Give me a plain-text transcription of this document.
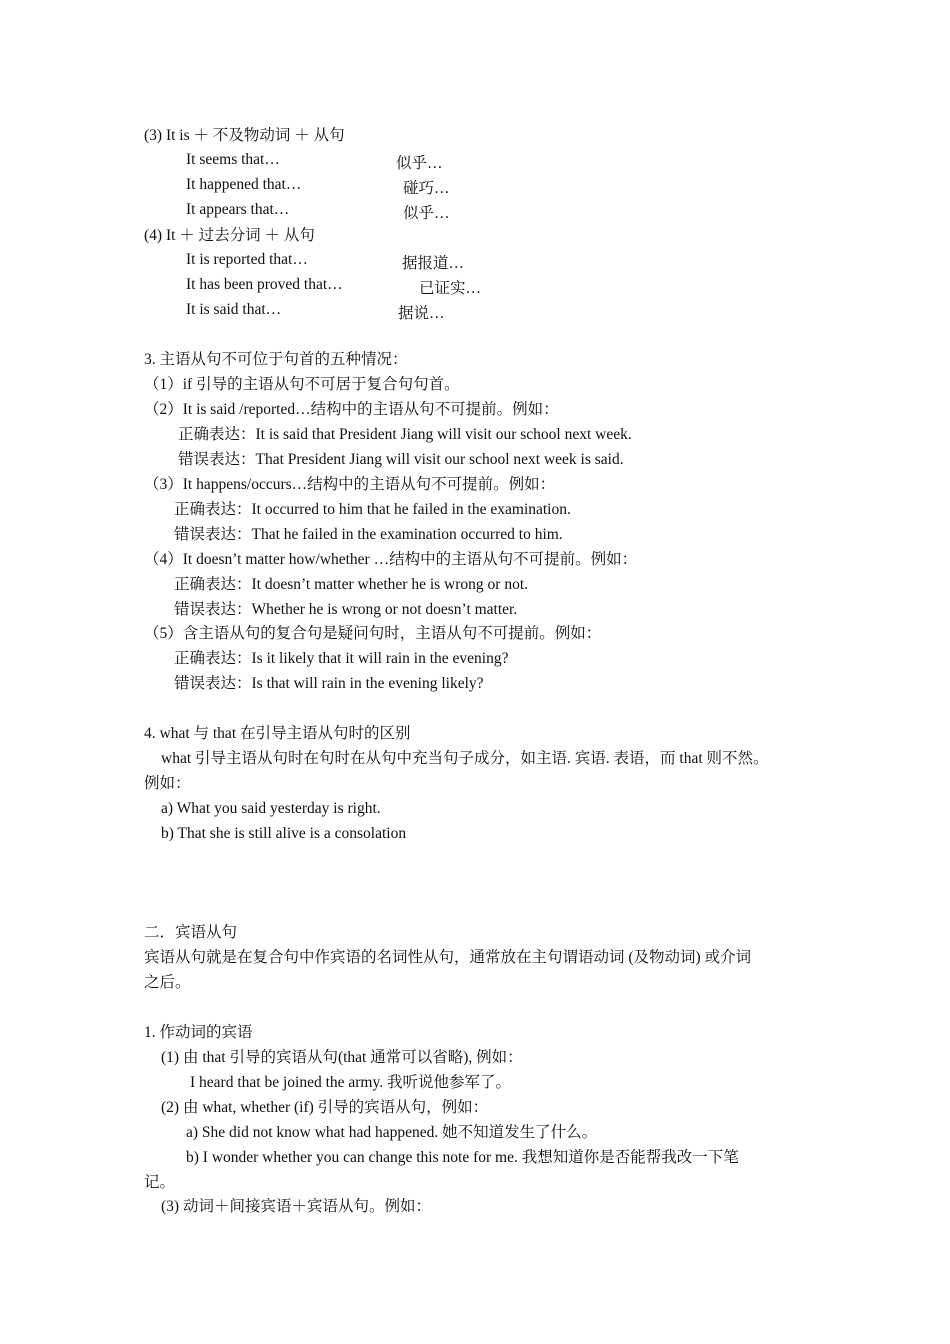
(3) It is ＋ 不及物动词 ＋ 从句
It seems that…	似乎…
It happened that…	碰巧…
It appears that…	似乎…
(4) It ＋ 过去分词 ＋ 从句
It is reported that…	据报道…
It has been proved that…	已证实…
It is said that…	据说…
3. 主语从句不可位于句首的五种情况：
（1）if 引导的主语从句不可居于复合句句首。
（2）It is said /reported…结构中的主语从句不可提前。例如：
正确表达：It is said that President Jiang will visit our school next week.
错误表达：That President Jiang will visit our school next week is said.
（3）It happens/occurs…结构中的主语从句不可提前。例如：
正确表达：It occurred to him that he failed in the examination.
错误表达：That he failed in the examination occurred to him.
（4）It doesn’t matter how/whether …结构中的主语从句不可提前。例如：
正确表达：It doesn’t matter whether he is wrong or not.
错误表达：Whether he is wrong or not doesn’t matter.
（5）含主语从句的复合句是疑问句时，主语从句不可提前。例如：
正确表达：Is it likely that it will rain in the evening?
错误表达：Is that will rain in the evening likely?
4. what 与 that 在引导主语从句时的区别
what 引导主语从句时在句时在从句中充当句子成分，如主语. 宾语. 表语，而 that 则不然。
例如：
a) What you said yesterday is right.
b) That she is still alive is a consolation
二．宾语从句
宾语从句就是在复合句中作宾语的名词性从句，通常放在主句谓语动词 (及物动词) 或介词
之后。
1. 作动词的宾语
(1) 由 that 引导的宾语从句(that 通常可以省略), 例如：
I heard that be joined the army. 我听说他参军了。
(2) 由 what, whether (if) 引导的宾语从句，例如：
a) She did not know what had happened. 她不知道发生了什么。
b) I wonder whether you can change this note for me. 我想知道你是否能帮我改一下笔
记。
(3) 动词＋间接宾语＋宾语从句。例如：
